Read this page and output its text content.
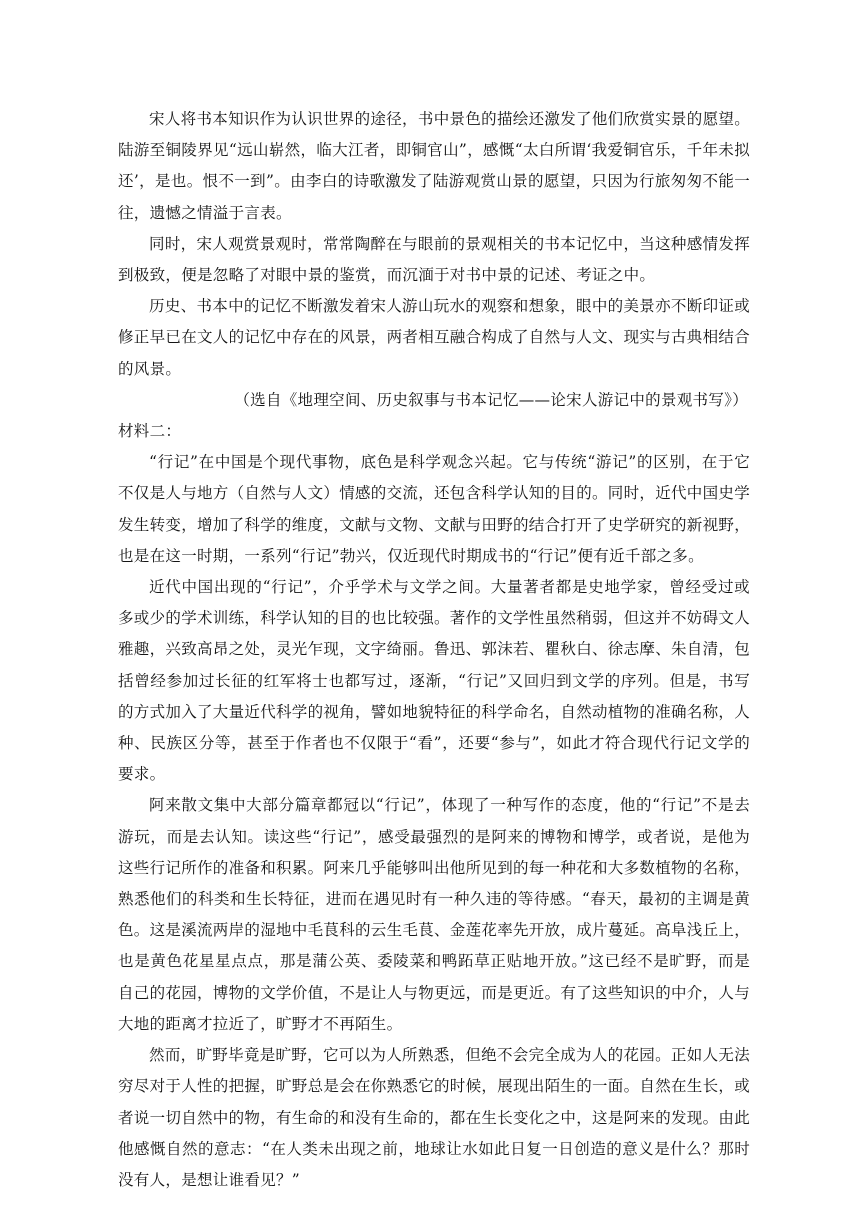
宋人将书本知识作为认识世界的途径，书中景色的描绘还激发了他们欣赏实景的愿望。陆游至铜陵界见“远山崭然，临大江者，即铜官山”，感慨“太白所谓‘我爱铜官乐，千年未拟还’，是也。恨不一到”。由李白的诗歌激发了陆游观赏山景的愿望，只因为行旅匆匆不能一往，遗憾之情溢于言表。

同时，宋人观赏景观时，常常陶醉在与眼前的景观相关的书本记忆中，当这种感情发挥到极致，便是忽略了对眼中景的鉴赏，而沉湎于对书中景的记述、考证之中。

历史、书本中的记忆不断激发着宋人游山玩水的观察和想象，眼中的美景亦不断印证或修正早已在文人的记忆中存在的风景，两者相互融合构成了自然与人文、现实与古典相结合的风景。

（选自《地理空间、历史叙事与书本记忆——论宋人游记中的景观书写》）

材料二：

“行记”在中国是个现代事物，底色是科学观念兴起。它与传统“游记”的区别，在于它不仅是人与地方（自然与人文）情感的交流，还包含科学认知的目的。同时，近代中国史学发生转变，增加了科学的维度，文献与文物、文献与田野的结合打开了史学研究的新视野，也是在这一时期，一系列“行记”勃兴，仅近现代时期成书的“行记”便有近千部之多。

近代中国出现的“行记”，介乎学术与文学之间。大量著者都是史地学家，曾经受过或多或少的学术训练，科学认知的目的也比较强。著作的文学性虽然稍弱，但这并不妨碍文人雅趣，兴致高昂之处，灵光乍现，文字绮丽。鲁迅、郭沫若、瞿秋白、徐志摩、朱自清，包括曾经参加过长征的红军将士也都写过，逐渐，“行记”又回归到文学的序列。但是，书写的方式加入了大量近代科学的视角，譬如地貌特征的科学命名，自然动植物的准确名称，人种、民族区分等，甚至于作者也不仅限于“看”，还要“参与”，如此才符合现代行记文学的要求。

阿来散文集中大部分篇章都冠以“行记”，体现了一种写作的态度，他的“行记”不是去游玩，而是去认知。读这些“行记”，感受最强烈的是阿来的博物和博学，或者说，是他为这些行记所作的准备和积累。阿来几乎能够叫出他所见到的每一种花和大多数植物的名称，熟悉他们的科类和生长特征，进而在遇见时有一种久违的等待感。“春天，最初的主调是黄色。这是溪流两岸的湿地中毛茛科的云生毛茛、金莲花率先开放，成片蔓延。高阜浅丘上，也是黄色花星星点点，那是蒲公英、委陵菜和鸭跖草正贴地开放。”这已经不是旷野，而是自己的花园，博物的文学价值，不是让人与物更远，而是更近。有了这些知识的中介，人与大地的距离才拉近了，旷野才不再陌生。

然而，旷野毕竟是旷野，它可以为人所熟悉，但绝不会完全成为人的花园。正如人无法穷尽对于人性的把握，旷野总是会在你熟悉它的时候，展现出陌生的一面。自然在生长，或者说一切自然中的物，有生命的和没有生命的，都在生长变化之中，这是阿来的发现。由此他感慨自然的意志：“在人类未出现之前，地球让水如此日复一日创造的意义是什么？那时没有人，是想让谁看见？”
